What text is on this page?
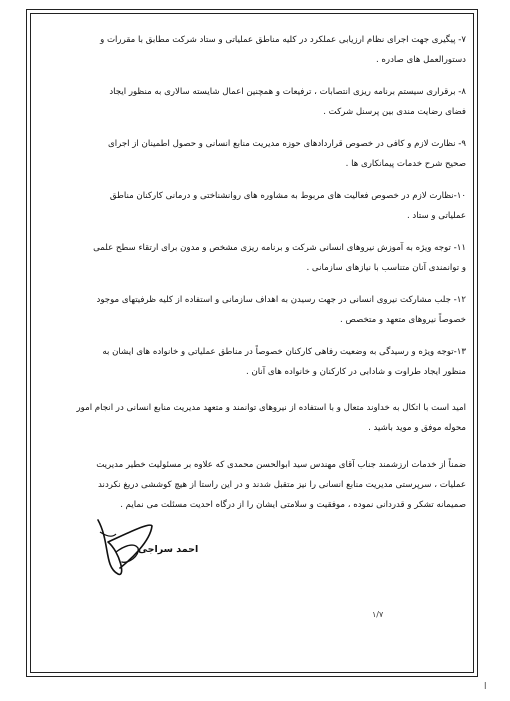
۷- پیگیری جهت اجرای نظام ارزیابی عملکرد در کلیه مناطق عملیاتی و ستاد شرکت مطابق با مقررات و

دستورالعمل های صادره .

۸- برقراری سیستم برنامه ریزی انتصابات ، ترفیعات و همچنین اعمال شایسته سالاری به منظور ایجاد

فضای رضایت مندی بین پرسنل شرکت .

۹- نظارت لازم و کافی در خصوص قراردادهای حوزه مدیریت منابع انسانی و حصول اطمینان از اجرای

صحیح شرح خدمات پیمانکاری ها .

۱۰-نظارت لازم در خصوص فعالیت های مربوط به مشاوره های روانشناختی و درمانی کارکنان مناطق

عملیاتی و ستاد .

۱۱- توجه ویژه به آموزش نیروهای انسانی شرکت و برنامه ریزی مشخص و مدون برای ارتقاء سطح علمی

و توانمندی آنان متناسب با نیازهای سازمانی .

۱۲- جلب مشارکت نیروی انسانی در جهت رسیدن به اهداف سازمانی و استفاده از کلیه ظرفیتهای موجود

خصوصاً نیروهای متعهد و متخصص .

۱۳-توجه ویژه و رسیدگی به وضعیت رفاهی کارکنان خصوصاً در مناطق عملیاتی و خانواده های ایشان به

منظور ایجاد طراوت و شادابی در کارکنان و خانواده های آنان .

امید است با اتکال به خداوند متعال و با استفاده از نیروهای توانمند و متعهد مدیریت منابع انسانی در انجام امور
محوله موفق و موید باشید .
ضمناً از خدمات ارزشمند جناب آقای مهندس سید ابوالحسن محمدی که علاوه بر مسئولیت خطیر مدیریت
عملیات ، سرپرستی مدیریت منابع انسانی را نیز متقبل شدند و در این راستا از هیچ کوششی دریغ نکردند
صمیمانه تشکر و قدردانی نموده ، موفقیت و سلامتی ایشان را از درگاه احدیت مسئلت می نمایم .
احمد سراجی
۱/۷
ا
